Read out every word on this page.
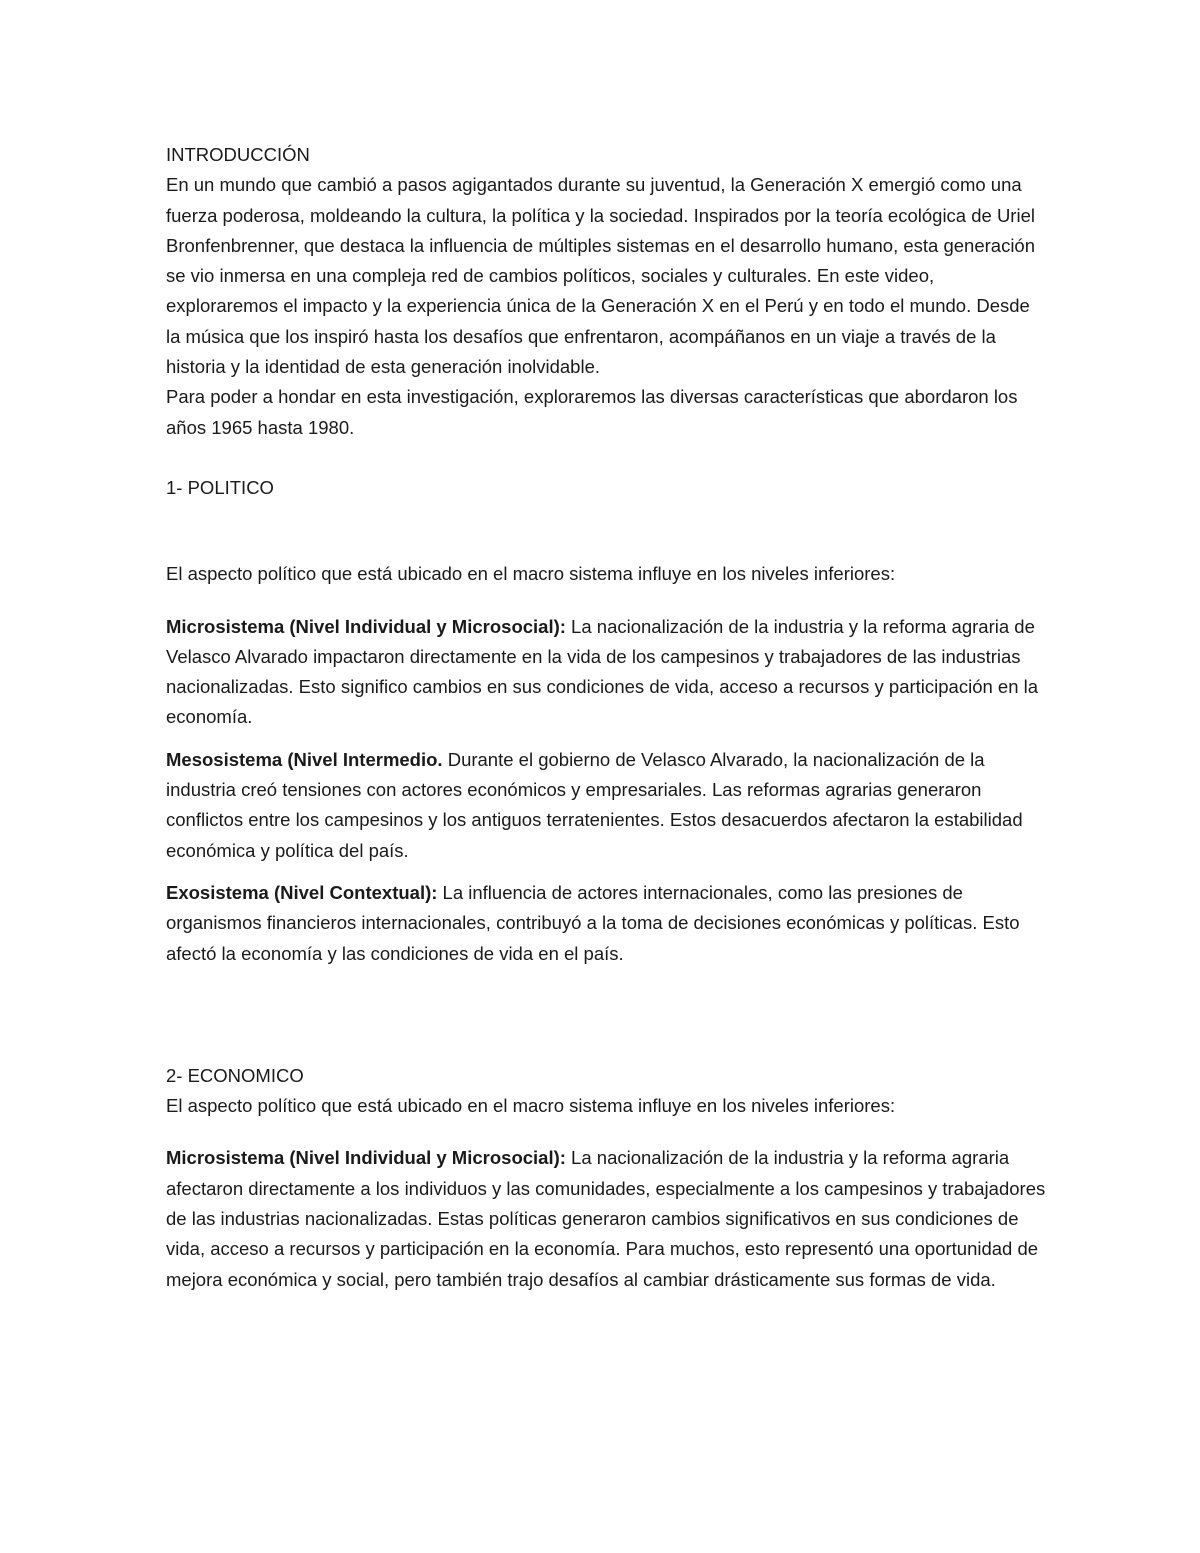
INTRODUCCIÓN

En un mundo que cambió a pasos agigantados durante su juventud, la Generación X emergió como una fuerza poderosa, moldeando la cultura, la política y la sociedad. Inspirados por la teoría ecológica de Uriel Bronfenbrenner, que destaca la influencia de múltiples sistemas en el desarrollo humano, esta generación se vio inmersa en una compleja red de cambios políticos, sociales y culturales. En este video, exploraremos el impacto y la experiencia única de la Generación X en el Perú y en todo el mundo. Desde la música que los inspiró hasta los desafíos que enfrentaron, acompáñanos en un viaje a través de la historia y la identidad de esta generación inolvidable.

Para poder a hondar en esta investigación, exploraremos las diversas características que abordaron los años 1965 hasta 1980.

1- POLITICO

El aspecto político que está ubicado en el macro sistema influye en los niveles inferiores:

Microsistema (Nivel Individual y Microsocial): La nacionalización de la industria y la reforma agraria de Velasco Alvarado impactaron directamente en la vida de los campesinos y trabajadores de las industrias nacionalizadas. Esto significo cambios en sus condiciones de vida, acceso a recursos y participación en la economía.

Mesosistema (Nivel Intermedio. Durante el gobierno de Velasco Alvarado, la nacionalización de la industria creó tensiones con actores económicos y empresariales. Las reformas agrarias generaron conflictos entre los campesinos y los antiguos terratenientes. Estos desacuerdos afectaron la estabilidad económica y política del país.

Exosistema (Nivel Contextual): La influencia de actores internacionales, como las presiones de organismos financieros internacionales, contribuyó a la toma de decisiones económicas y políticas. Esto afectó la economía y las condiciones de vida en el país.

2- ECONOMICO

El aspecto político que está ubicado en el macro sistema influye en los niveles inferiores:

Microsistema (Nivel Individual y Microsocial): La nacionalización de la industria y la reforma agraria afectaron directamente a los individuos y las comunidades, especialmente a los campesinos y trabajadores de las industrias nacionalizadas. Estas políticas generaron cambios significativos en sus condiciones de vida, acceso a recursos y participación en la economía. Para muchos, esto representó una oportunidad de mejora económica y social, pero también trajo desafíos al cambiar drásticamente sus formas de vida.
